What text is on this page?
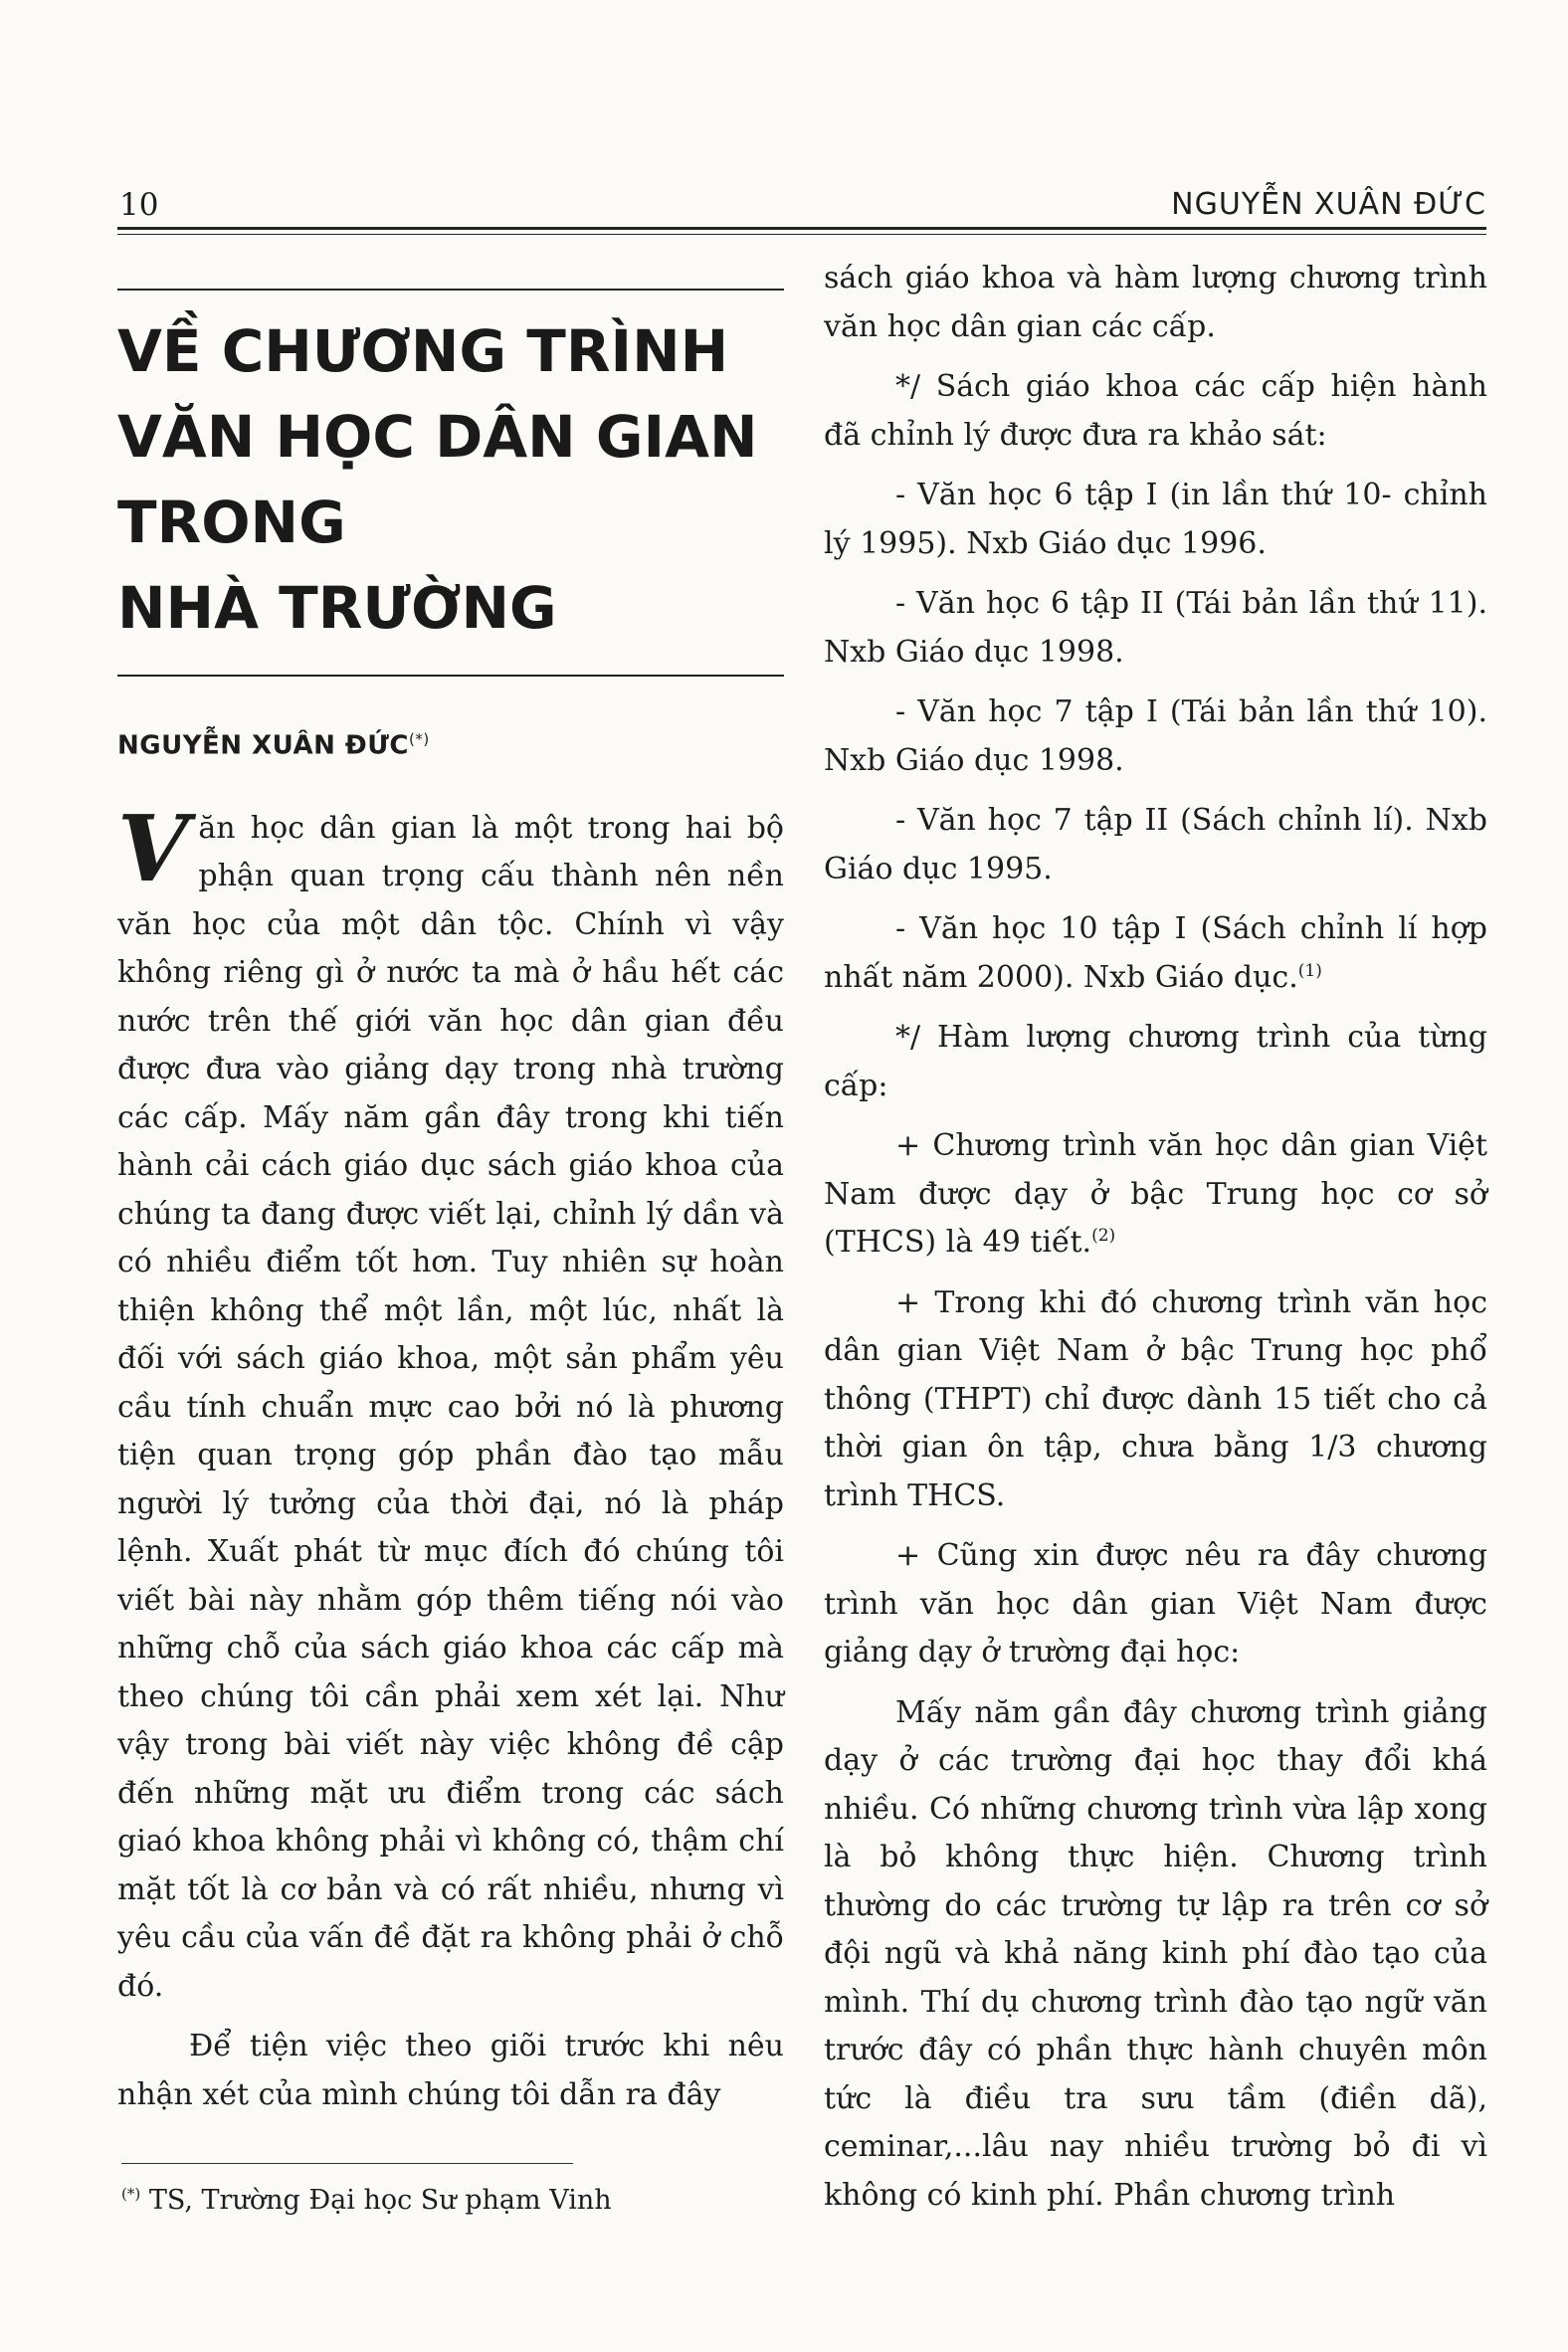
10	NGUYỄN XUÂN ĐỨC
VỀ CHƯƠNG TRÌNH
VĂN HỌC DÂN GIAN
TRONG
NHÀ TRƯỜNG
NGUYỄN XUÂN ĐỨC(*)

Văn học dân gian là một trong hai bộ phận quan trọng cấu thành nên nền văn học của một dân tộc. Chính vì vậy không riêng gì ở nước ta mà ở hầu hết các nước trên thế giới văn học dân gian đều được đưa vào giảng dạy trong nhà trường các cấp. Mấy năm gần đây trong khi tiến hành cải cách giáo dục sách giáo khoa của chúng ta đang được viết lại, chỉnh lý dần và có nhiều điểm tốt hơn. Tuy nhiên sự hoàn thiện không thể một lần, một lúc, nhất là đối với sách giáo khoa, một sản phẩm yêu cầu tính chuẩn mực cao bởi nó là phương tiện quan trọng góp phần đào tạo mẫu người lý tưởng của thời đại, nó là pháp lệnh. Xuất phát từ mục đích đó chúng tôi viết bài này nhằm góp thêm tiếng nói vào những chỗ của sách giáo khoa các cấp mà theo chúng tôi cần phải xem xét lại. Như vậy trong bài viết này việc không đề cập đến những mặt ưu điểm trong các sách giaó khoa không phải vì không có, thậm chí mặt tốt là cơ bản và có rất nhiều, nhưng vì yêu cầu của vấn đề đặt ra không phải ở chỗ đó.

Để tiện việc theo giõi trước khi nêu nhận xét của mình chúng tôi dẫn ra đây

sách giáo khoa và hàm lượng chương trình văn học dân gian các cấp.

*/ Sách giáo khoa các cấp hiện hành đã chỉnh lý được đưa ra khảo sát:

- Văn học 6 tập I (in lần thứ 10- chỉnh lý 1995). Nxb Giáo dục 1996.

- Văn học 6 tập II (Tái bản lần thứ 11). Nxb Giáo dục 1998.

- Văn học 7 tập I (Tái bản lần thứ 10). Nxb Giáo dục 1998.

- Văn học 7 tập II (Sách chỉnh lí). Nxb Giáo dục 1995.

- Văn học 10 tập I (Sách chỉnh lí hợp nhất năm 2000). Nxb Giáo dục.$^{(1)}$

*/ Hàm lượng chương trình của từng cấp:

+ Chương trình văn học dân gian Việt Nam được dạy ở bậc Trung học cơ sở (THCS) là 49 tiết.$^{(2)}$

+ Trong khi đó chương trình văn học dân gian Việt Nam ở bậc Trung học phổ thông (THPT) chỉ được dành 15 tiết cho cả thời gian ôn tập, chưa bằng 1/3 chương trình THCS.

+ Cũng xin được nêu ra đây chương trình văn học dân gian Việt Nam được giảng dạy ở trường đại học:

Mấy năm gần đây chương trình giảng dạy ở các trường đại học thay đổi khá nhiều. Có những chương trình vừa lập xong là bỏ không thực hiện. Chương trình thường do các trường tự lập ra trên cơ sở đội ngũ và khả năng kinh phí đào tạo của mình. Thí dụ chương trình đào tạo ngữ văn trước đây có phần thực hành chuyên môn tức là điều tra sưu tầm (điền dã), ceminar,...lâu nay nhiều trường bỏ đi vì không có kinh phí. Phần chương trình

(*) TS, Trường Đại học Sư phạm Vinh
